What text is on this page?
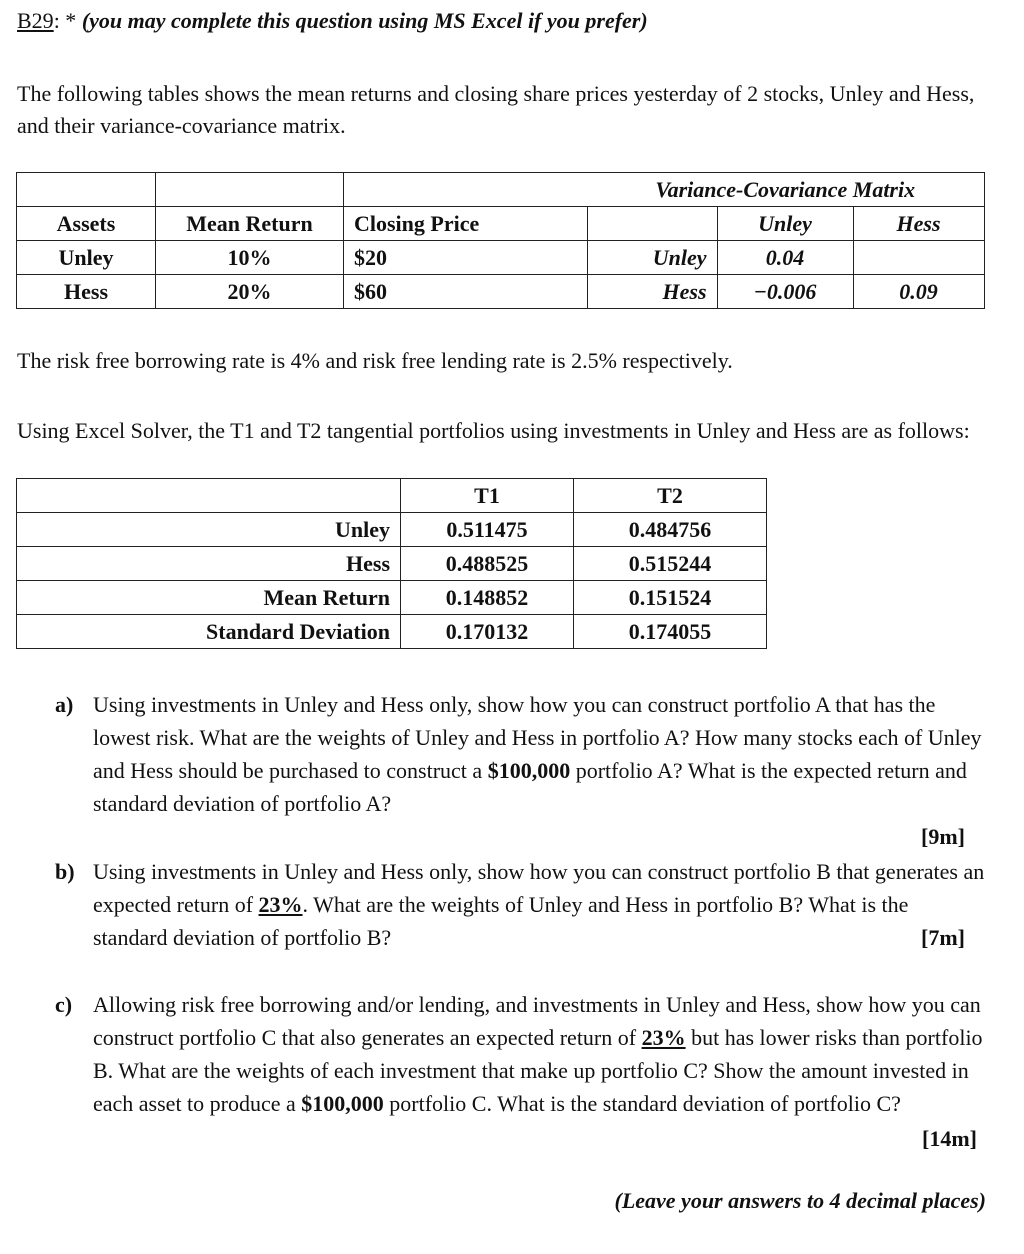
B29: * (you may complete this question using MS Excel if you prefer)
The following tables shows the mean returns and closing share prices yesterday of 2 stocks, Unley and Hess, and their variance-covariance matrix.
			Variance-Covariance Matrix		
Assets	Mean Return	Closing Price		Unley	Hess
Unley	10%	$20	Unley	0.04	
Hess	20%	$60	Hess	−0.006	0.09
The risk free borrowing rate is 4% and risk free lending rate is 2.5% respectively.
Using Excel Solver, the T1 and T2 tangential portfolios using investments in Unley and Hess are as follows:
	T1	T2
Unley	0.511475	0.484756
Hess	0.488525	0.515244
Mean Return	0.148852	0.151524
Standard Deviation	0.170132	0.174055
a) Using investments in Unley and Hess only, show how you can construct portfolio A that has the lowest risk. What are the weights of Unley and Hess in portfolio A? How many stocks each of Unley and Hess should be purchased to construct a $100,000 portfolio A? What is the expected return and standard deviation of portfolio A?
[9m]
b) Using investments in Unley and Hess only, show how you can construct portfolio B that generates an expected return of 23%. What are the weights of Unley and Hess in portfolio B? What is the standard deviation of portfolio B?	[7m]
c) Allowing risk free borrowing and/or lending, and investments in Unley and Hess, show how you can construct portfolio C that also generates an expected return of 23% but has lower risks than portfolio B. What are the weights of each investment that make up portfolio C? Show the amount invested in each asset to produce a $100,000 portfolio C. What is the standard deviation of portfolio C?
[14m]
(Leave your answers to 4 decimal places)
